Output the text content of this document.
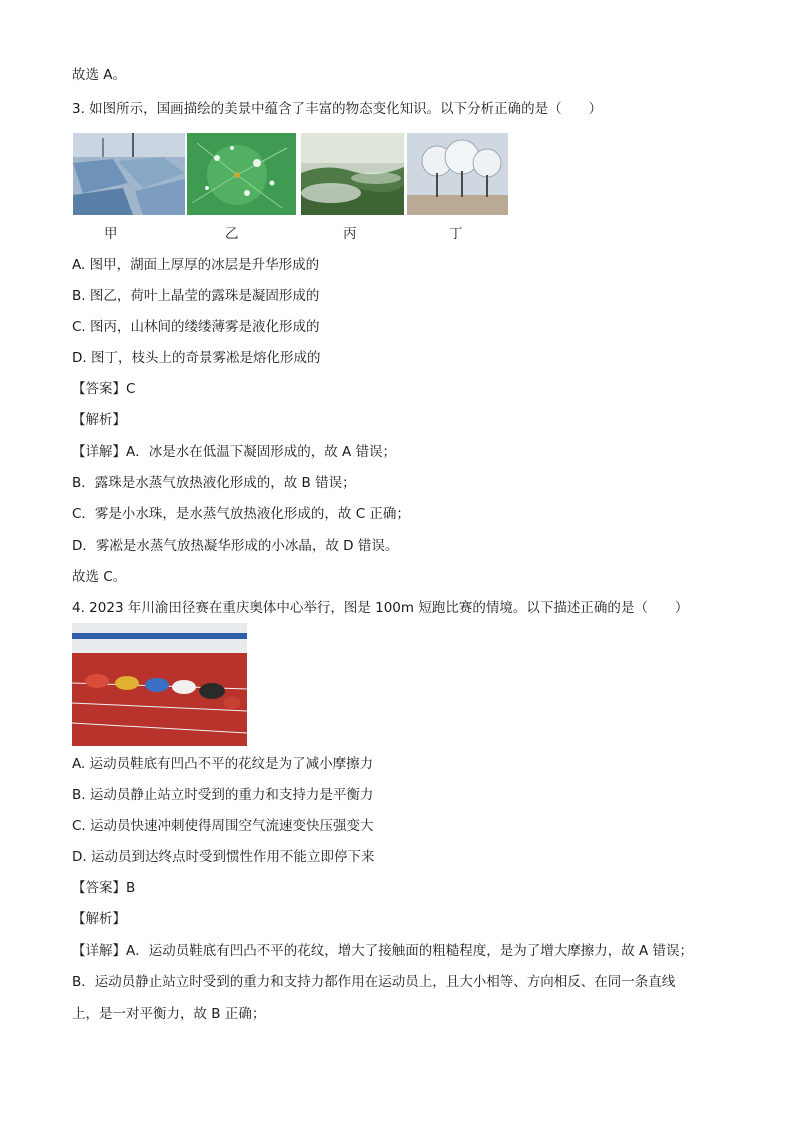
故选 A。
3. 如图所示，国画描绘的美景中蕴含了丰富的物态变化知识。以下分析正确的是（　　）
甲	乙	丙	丁
A. 图甲，湖面上厚厚的冰层是升华形成的
B. 图乙，荷叶上晶莹的露珠是凝固形成的
C. 图丙，山林间的缕缕薄雾是液化形成的
D. 图丁，枝头上的奇景雾凇是熔化形成的
【答案】C
【解析】
【详解】A．冰是水在低温下凝固形成的，故 A 错误；
B．露珠是水蒸气放热液化形成的，故 B 错误；
C．雾是小水珠，是水蒸气放热液化形成的，故 C 正确；
D．雾凇是水蒸气放热凝华形成的小冰晶，故 D 错误。
故选 C。
4. 2023 年川渝田径赛在重庆奥体中心举行，图是 100m 短跑比赛的情境。以下描述正确的是（　　）
A. 运动员鞋底有凹凸不平的花纹是为了减小摩擦力
B. 运动员静止站立时受到的重力和支持力是平衡力
C. 运动员快速冲刺使得周围空气流速变快压强变大
D. 运动员到达终点时受到惯性作用不能立即停下来
【答案】B
【解析】
【详解】A．运动员鞋底有凹凸不平的花纹，增大了接触面的粗糙程度，是为了增大摩擦力，故 A 错误；
B．运动员静止站立时受到的重力和支持力都作用在运动员上，且大小相等、方向相反、在同一条直线
上，是一对平衡力，故 B 正确；
